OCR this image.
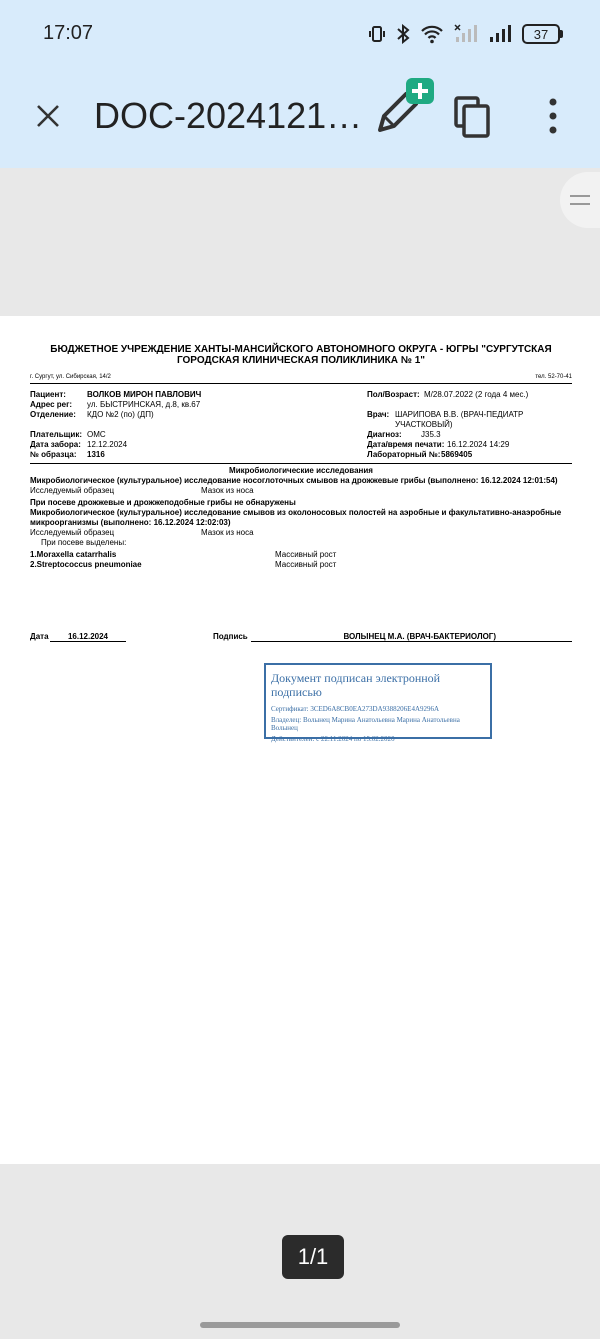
17:07	37
DOC-2024121…
БЮДЖЕТНОЕ УЧРЕЖДЕНИЕ ХАНТЫ-МАНСИЙСКОГО АВТОНОМНОГО ОКРУГА - ЮГРЫ "СУРГУТСКАЯ ГОРОДСКАЯ КЛИНИЧЕСКАЯ ПОЛИКЛИНИКА № 1"
г. Сургут, ул. Сибирская, 14/2	тел. 52-70-41
Пациент:	ВОЛКОВ МИРОН ПАВЛОВИЧ	Пол/Возраст: М/28.07.2022 (2 года 4 мес.)
Адрес рег: ул. БЫСТРИНСКАЯ, д.8, кв.67
Отделение: КДО №2 (по) (ДП)	Врач: ШАРИПОВА В.В. (ВРАЧ-ПЕДИАТР
УЧАСТКОВЫЙ)
Плательщик: ОМС	Диагноз: J35.3
Дата забора: 12.12.2024	Дата/время печати: 16.12.2024 14:29
№ образца: 1316	Лабораторный №: 5869405
Микробиологические исследования
Микробиологическое (культуральное) исследование носоглоточных смывов на дрожжевые грибы (выполнено: 16.12.2024 12:01:54)
Исследуемый образец	Мазок из носа
При посеве дрожжевые и дрожжеподобные грибы не обнаружены
Микробиологическое (культуральное) исследование смывов из околоносовых полостей на аэробные и факультативно-анаэробные микроорганизмы (выполнено: 16.12.2024 12:02:03)
Исследуемый образец	Мазок из носа
При посеве выделены:
1.Moraxella catarrhalis	Массивный рост
2.Streptococcus pneumoniae	Массивный рост
Дата	16.12.2024	Подпись	ВОЛЫНЕЦ М.А. (ВРАЧ-БАКТЕРИОЛОГ)
Документ подписан электронной подписью
Сертификат: 3CED6A8CB0EA273DA9388206E4A9296A
Владелец: Волынец Марина Анатольевна Марина Анатольевна Волынец
Действителен: с 22.11.2024 по 15.02.2026
1/1
